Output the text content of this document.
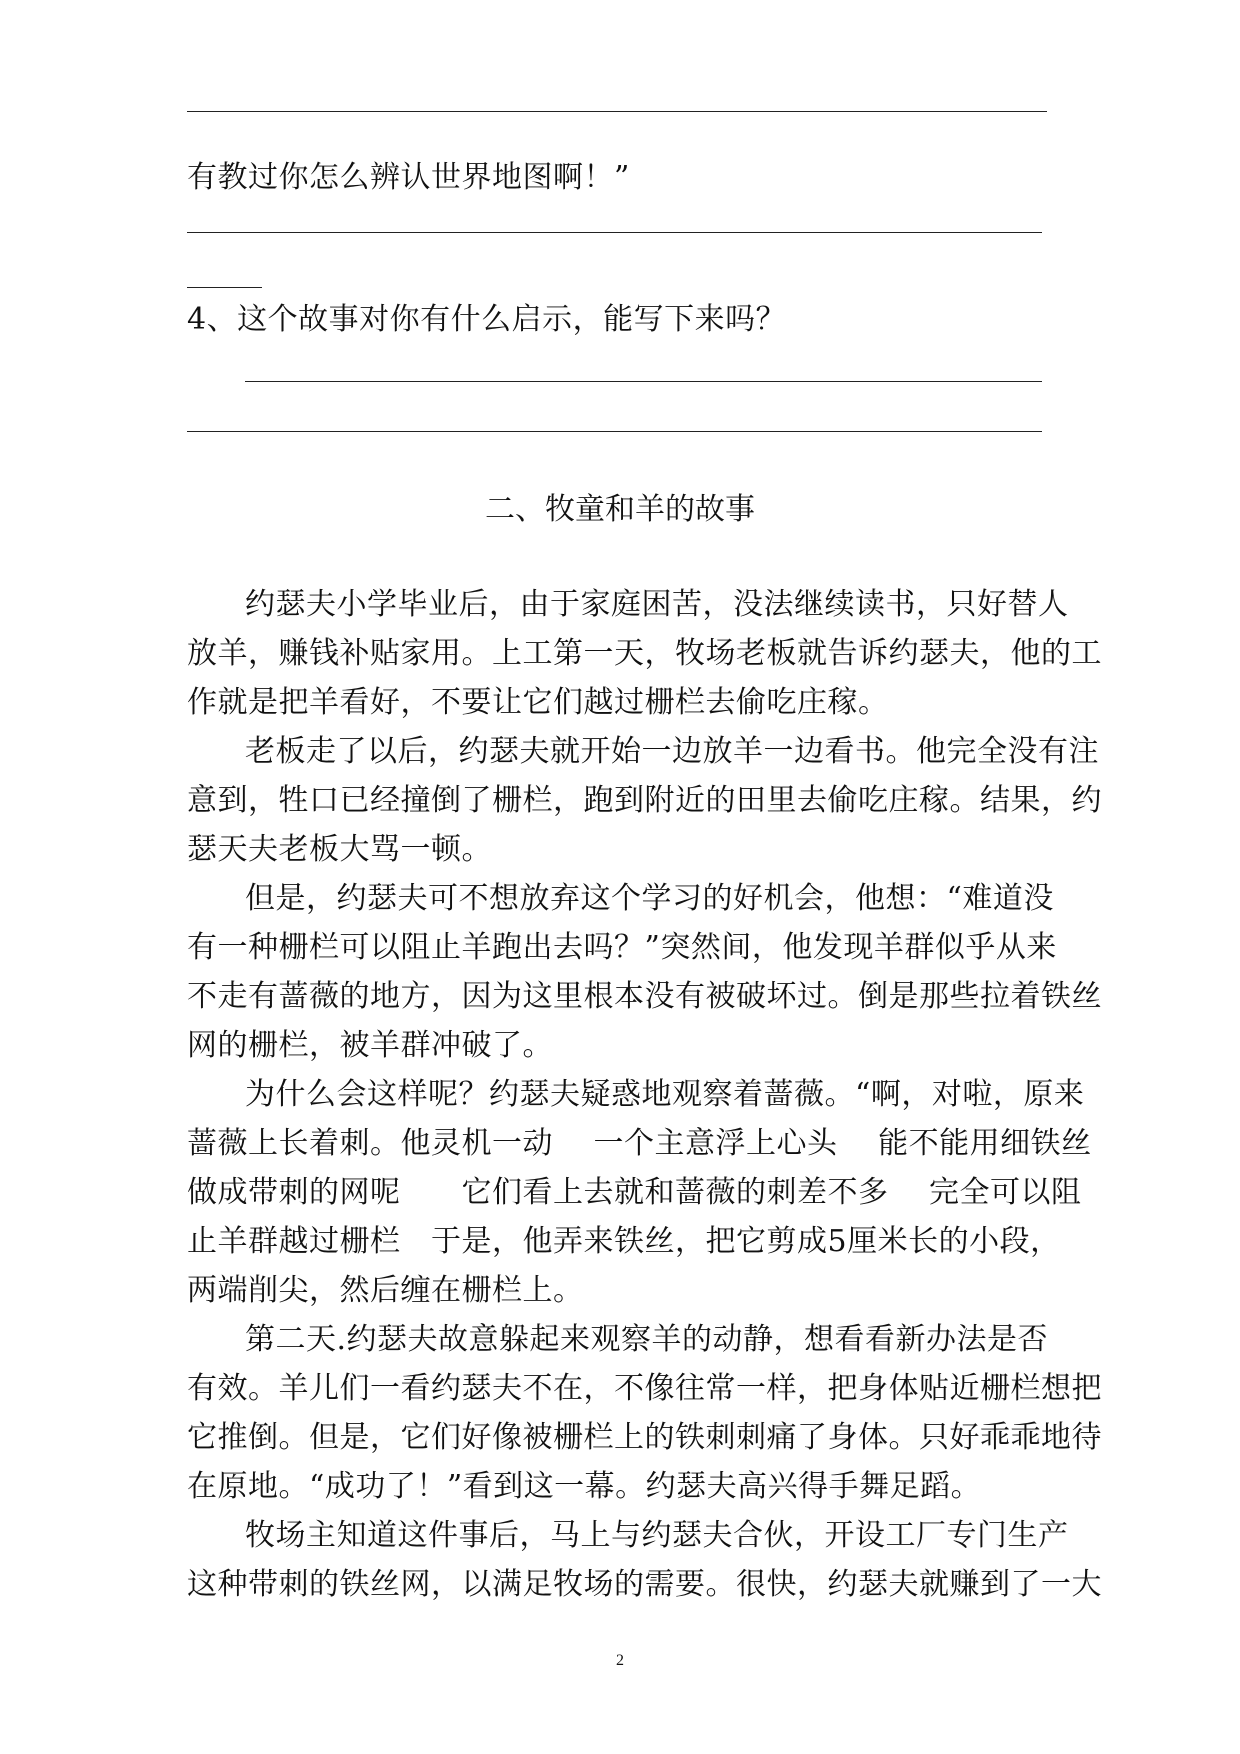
有教过你怎么辨认世界地图啊！”
4、这个故事对你有什么启示，能写下来吗？
二、牧童和羊的故事
约瑟夫小学毕业后，由于家庭困苦，没法继续读书，只好替人
放羊，赚钱补贴家用。上工第一天，牧场老板就告诉约瑟夫，他的工
作就是把羊看好，不要让它们越过栅栏去偷吃庄稼。
老板走了以后，约瑟夫就开始一边放羊一边看书。他完全没有注
意到，牲口已经撞倒了栅栏，跑到附近的田里去偷吃庄稼。结果，约
瑟天夫老板大骂一顿。
但是，约瑟夫可不想放弃这个学习的好机会，他想：“难道没
有一种栅栏可以阻止羊跑出去吗？”突然间，他发现羊群似乎从来
不走有蔷薇的地方，因为这里根本没有被破坏过。倒是那些拉着铁丝
网的栅栏，被羊群冲破了。
为什么会这样呢？约瑟夫疑惑地观察着蔷薇。“啊，对啦，原来
蔷薇上长着刺。他灵机一动　 一个主意浮上心头　 能不能用细铁丝
做成带刺的网呢　　它们看上去就和蔷薇的刺差不多　 完全可以阻
止羊群越过栅栏　于是，他弄来铁丝，把它剪成5厘米长的小段，
两端削尖，然后缠在栅栏上。
第二天.约瑟夫故意躲起来观察羊的动静，想看看新办法是否
有效。羊儿们一看约瑟夫不在，不像往常一样，把身体贴近栅栏想把
它推倒。但是，它们好像被栅栏上的铁刺刺痛了身体。只好乖乖地待
在原地。“成功了！”看到这一幕。约瑟夫高兴得手舞足蹈。
牧场主知道这件事后，马上与约瑟夫合伙，开设工厂专门生产
这种带刺的铁丝网，以满足牧场的需要。很快，约瑟夫就赚到了一大
2
